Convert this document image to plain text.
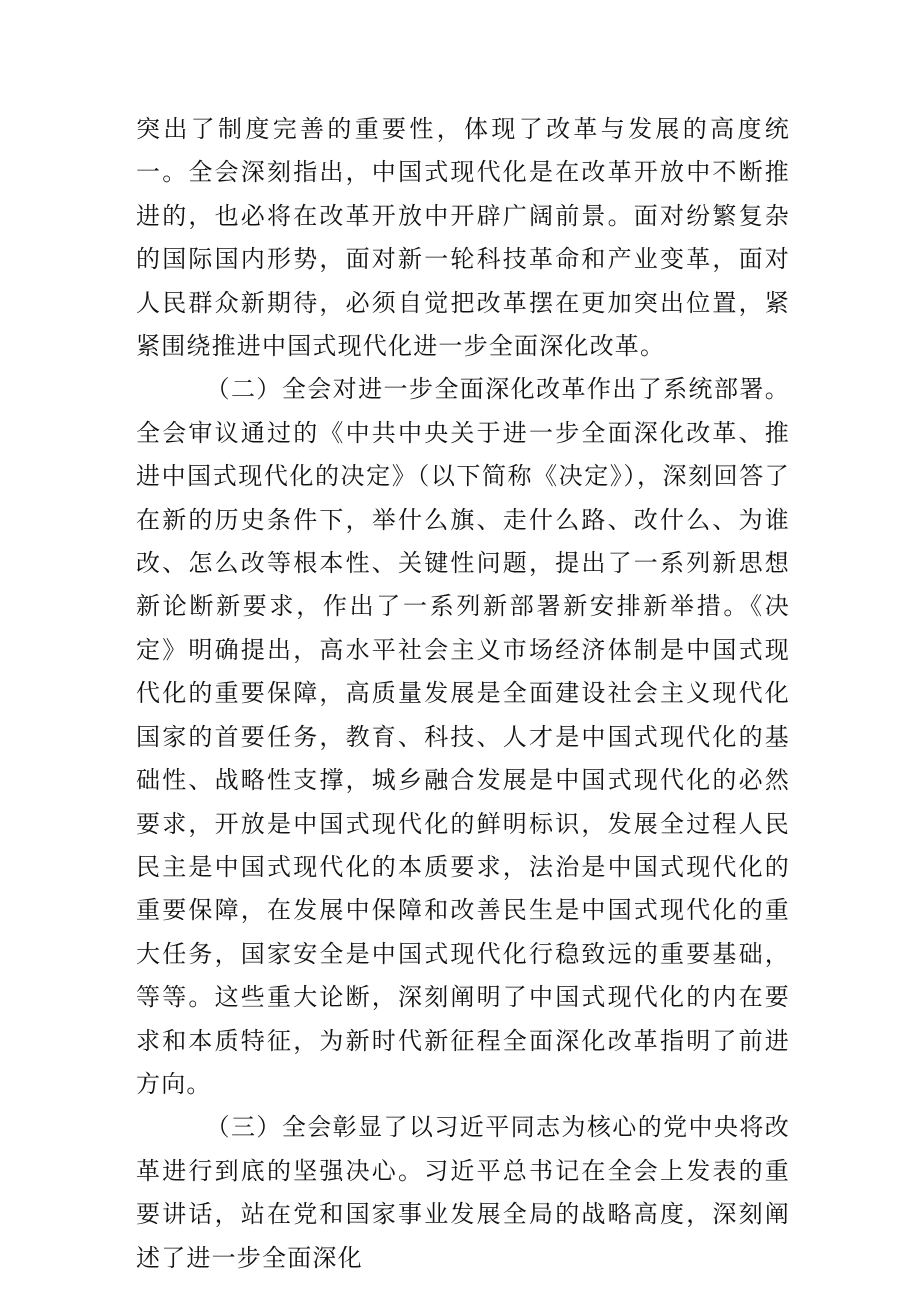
突出了制度完善的重要性，体现了改革与发展的高度统一。全会深刻指出，中国式现代化是在改革开放中不断推进的，也必将在改革开放中开辟广阔前景。面对纷繁复杂的国际国内形势，面对新一轮科技革命和产业变革，面对人民群众新期待，必须自觉把改革摆在更加突出位置，紧紧围绕推进中国式现代化进一步全面深化改革。

（二）全会对进一步全面深化改革作出了系统部署。全会审议通过的《中共中央关于进一步全面深化改革、推进中国式现代化的决定》（以下简称《决定》），深刻回答了在新的历史条件下，举什么旗、走什么路、改什么、为谁改、怎么改等根本性、关键性问题，提出了一系列新思想新论断新要求，作出了一系列新部署新安排新举措。《决定》明确提出，高水平社会主义市场经济体制是中国式现代化的重要保障，高质量发展是全面建设社会主义现代化国家的首要任务，教育、科技、人才是中国式现代化的基础性、战略性支撑，城乡融合发展是中国式现代化的必然要求，开放是中国式现代化的鲜明标识，发展全过程人民民主是中国式现代化的本质要求，法治是中国式现代化的重要保障，在发展中保障和改善民生是中国式现代化的重大任务，国家安全是中国式现代化行稳致远的重要基础，等等。这些重大论断，深刻阐明了中国式现代化的内在要求和本质特征，为新时代新征程全面深化改革指明了前进方向。

（三）全会彰显了以习近平同志为核心的党中央将改革进行到底的坚强决心。习近平总书记在全会上发表的重要讲话，站在党和国家事业发展全局的战略高度，深刻阐述了进一步全面深化
